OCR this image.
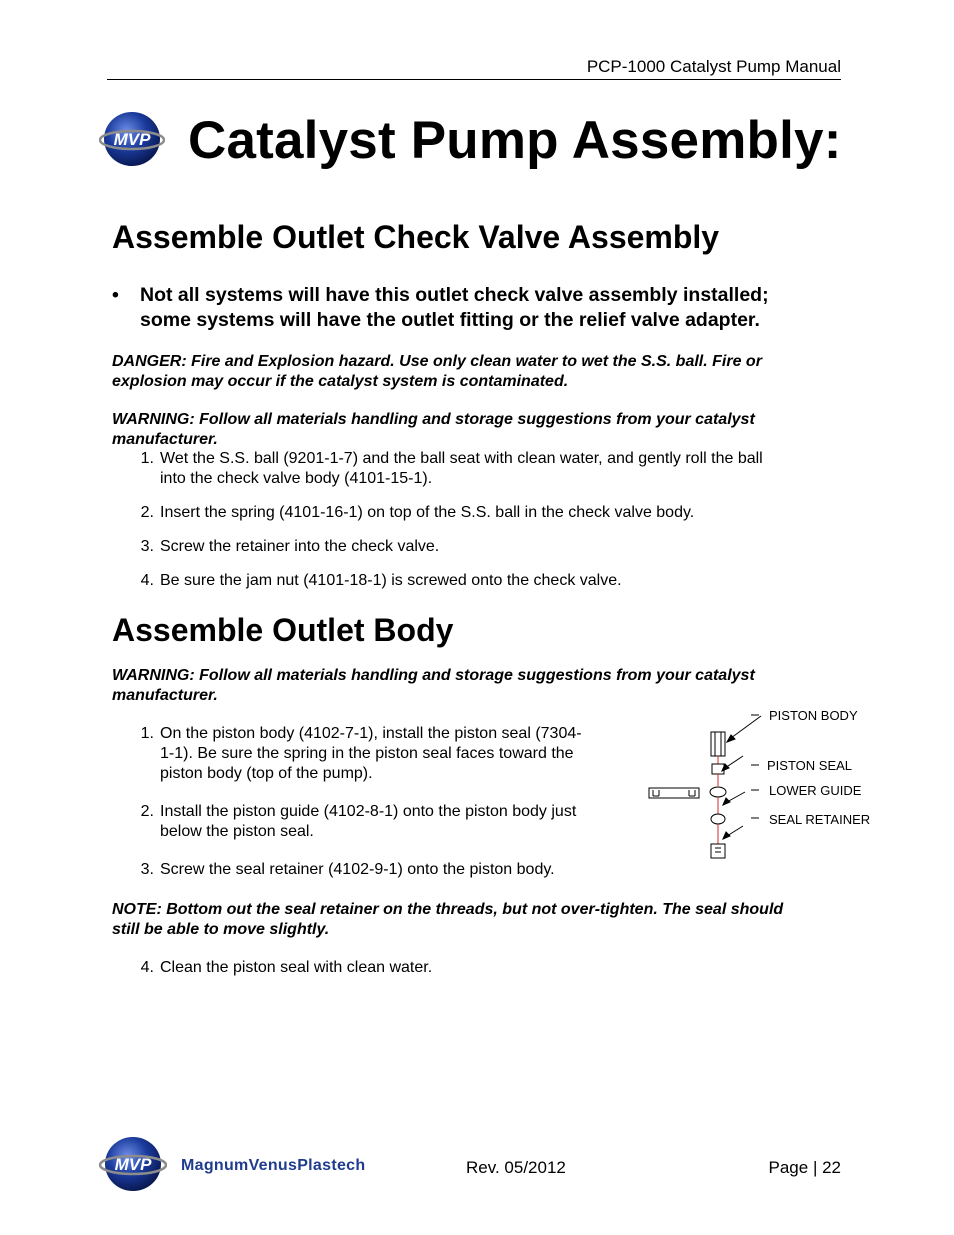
PCP-1000 Catalyst Pump Manual
MVP Catalyst Pump Assembly:
Assemble Outlet Check Valve Assembly
• Not all systems will have this outlet check valve assembly installed;
some systems will have the outlet fitting or the relief valve adapter.
DANGER: Fire and Explosion hazard. Use only clean water to wet the S.S. ball. Fire or
explosion may occur if the catalyst system is contaminated.
WARNING: Follow all materials handling and storage suggestions from your catalyst
manufacturer.
1. Wet the S.S. ball (9201-1-7) and the ball seat with clean water, and gently roll the ball
into the check valve body (4101-15-1).
2. Insert the spring (4101-16-1) on top of the S.S. ball in the check valve body.
3. Screw the retainer into the check valve.
4. Be sure the jam nut (4101-18-1) is screwed onto the check valve.
Assemble Outlet Body
WARNING: Follow all materials handling and storage suggestions from your catalyst
manufacturer.
1. On the piston body (4102-7-1), install the piston seal (7304-
1-1). Be sure the spring in the piston seal faces toward the
piston body (top of the pump).
2. Install the piston guide (4102-8-1) onto the piston body just
below the piston seal.
3. Screw the seal retainer (4102-9-1) onto the piston body.
PISTON BODY
PISTON SEAL
LOWER GUIDE
SEAL RETAINER
NOTE: Bottom out the seal retainer on the threads, but not over-tighten. The seal should
still be able to move slightly.
4. Clean the piston seal with clean water.
MVP MagnumVenusPlastech	Rev. 05/2012	Page | 22
